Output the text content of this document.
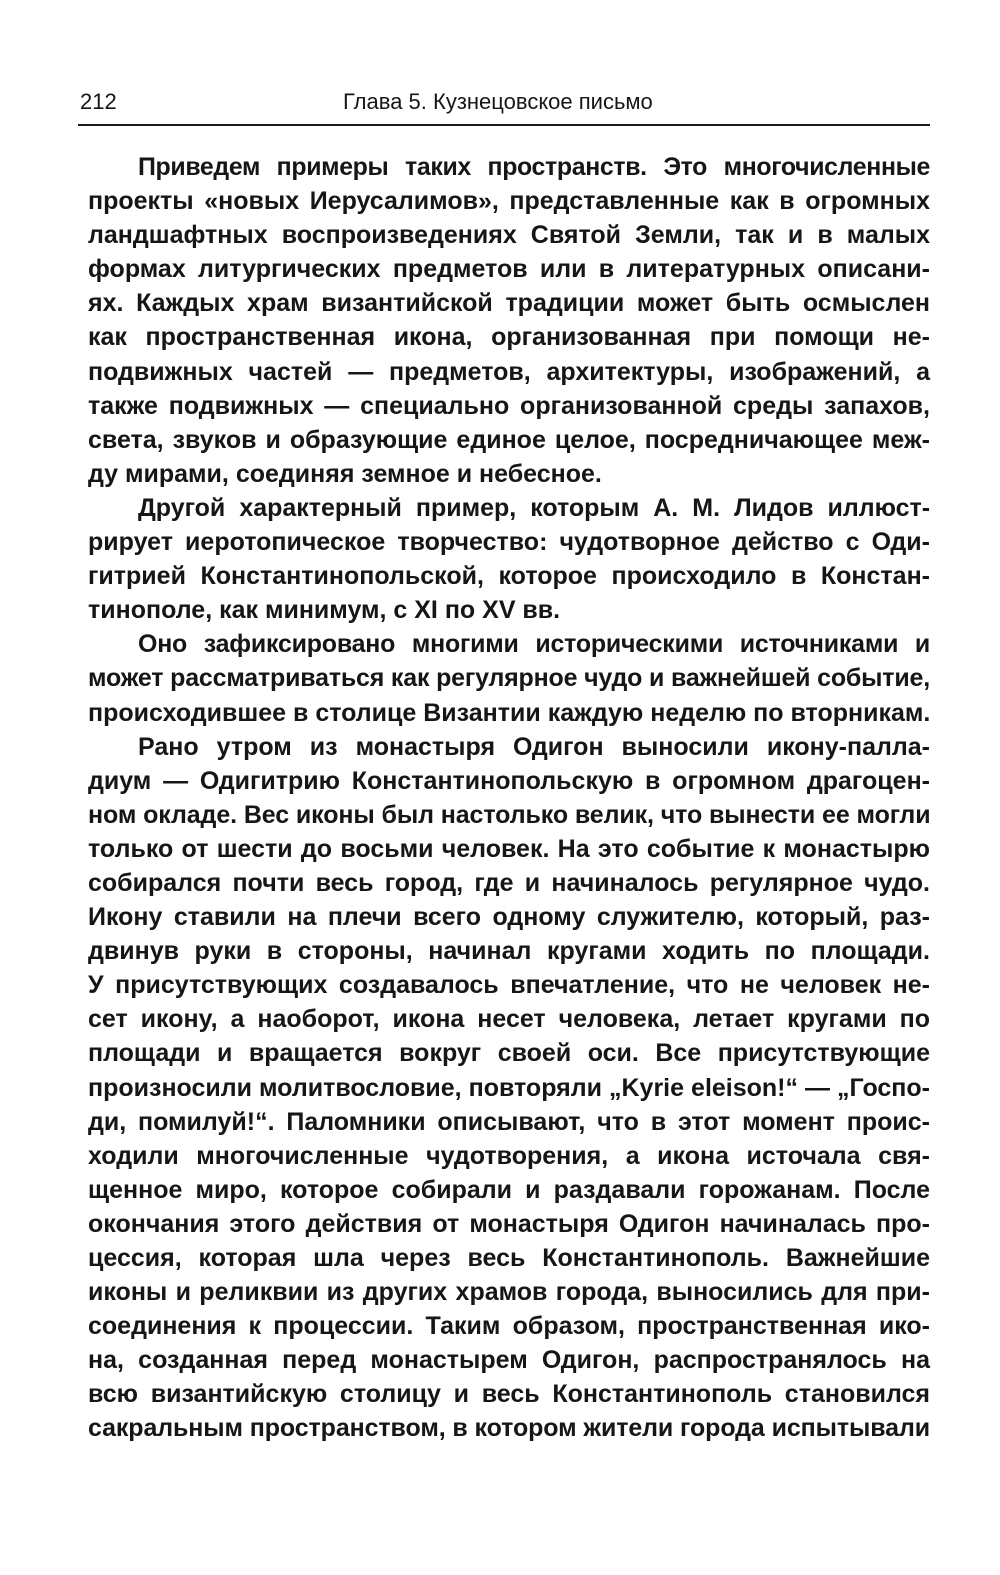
212	Глава 5. Кузнецовское письмо

Приведем примеры таких пространств. Это многочисленные
проекты «новых Иерусалимов», представленные как в огромных
ландшафтных воспроизведениях Святой Земли, так и в малых
формах литургических предметов или в литературных описани-
ях. Каждых храм византийской традиции может быть осмыслен
как пространственная икона, организованная при помощи не-
подвижных частей — предметов, архитектуры, изображений, а
также подвижных — специально организованной среды запахов,
света, звуков и образующие единое целое, посредничающее меж-
ду мирами, соединяя земное и небесное.

Другой характерный пример, которым А. М. Лидов иллюст-
рирует иеротопическое творчество: чудотворное действо с Оди-
гитрией Константинопольской, которое происходило в Констан-
тинополе, как минимум, с XI по XV вв.

Оно зафиксировано многими историческими источниками и
может рассматриваться как регулярное чудо и важнейшей событие,
происходившее в столице Византии каждую неделю по вторникам.

Рано утром из монастыря Одигон выносили икону-палла-
диум — Одигитрию Константинопольскую в огромном драгоцен-
ном окладе. Вес иконы был настолько велик, что вынести ее могли
только от шести до восьми человек. На это событие к монастырю
собирался почти весь город, где и начиналось регулярное чудо.
Икону ставили на плечи всего одному служителю, который, раз-
двинув руки в стороны, начинал кругами ходить по площади.
У присутствующих создавалось впечатление, что не человек не-
сет икону, а наоборот, икона несет человека, летает кругами по
площади и вращается вокруг своей оси. Все присутствующие
произносили молитвословие, повторяли „Kyrie eleison!“ — „Госпо-
ди, помилуй!“. Паломники описывают, что в этот момент проис-
ходили многочисленные чудотворения, а икона источала свя-
щенное миро, которое собирали и раздавали горожанам. После
окончания этого действия от монастыря Одигон начиналась про-
цессия, которая шла через весь Константинополь. Важнейшие
иконы и реликвии из других храмов города, выносились для при-
соединения к процессии. Таким образом, пространственная ико-
на, созданная перед монастырем Одигон, распространялось на
всю византийскую столицу и весь Константинополь становился
сакральным пространством, в котором жители города испытывали
